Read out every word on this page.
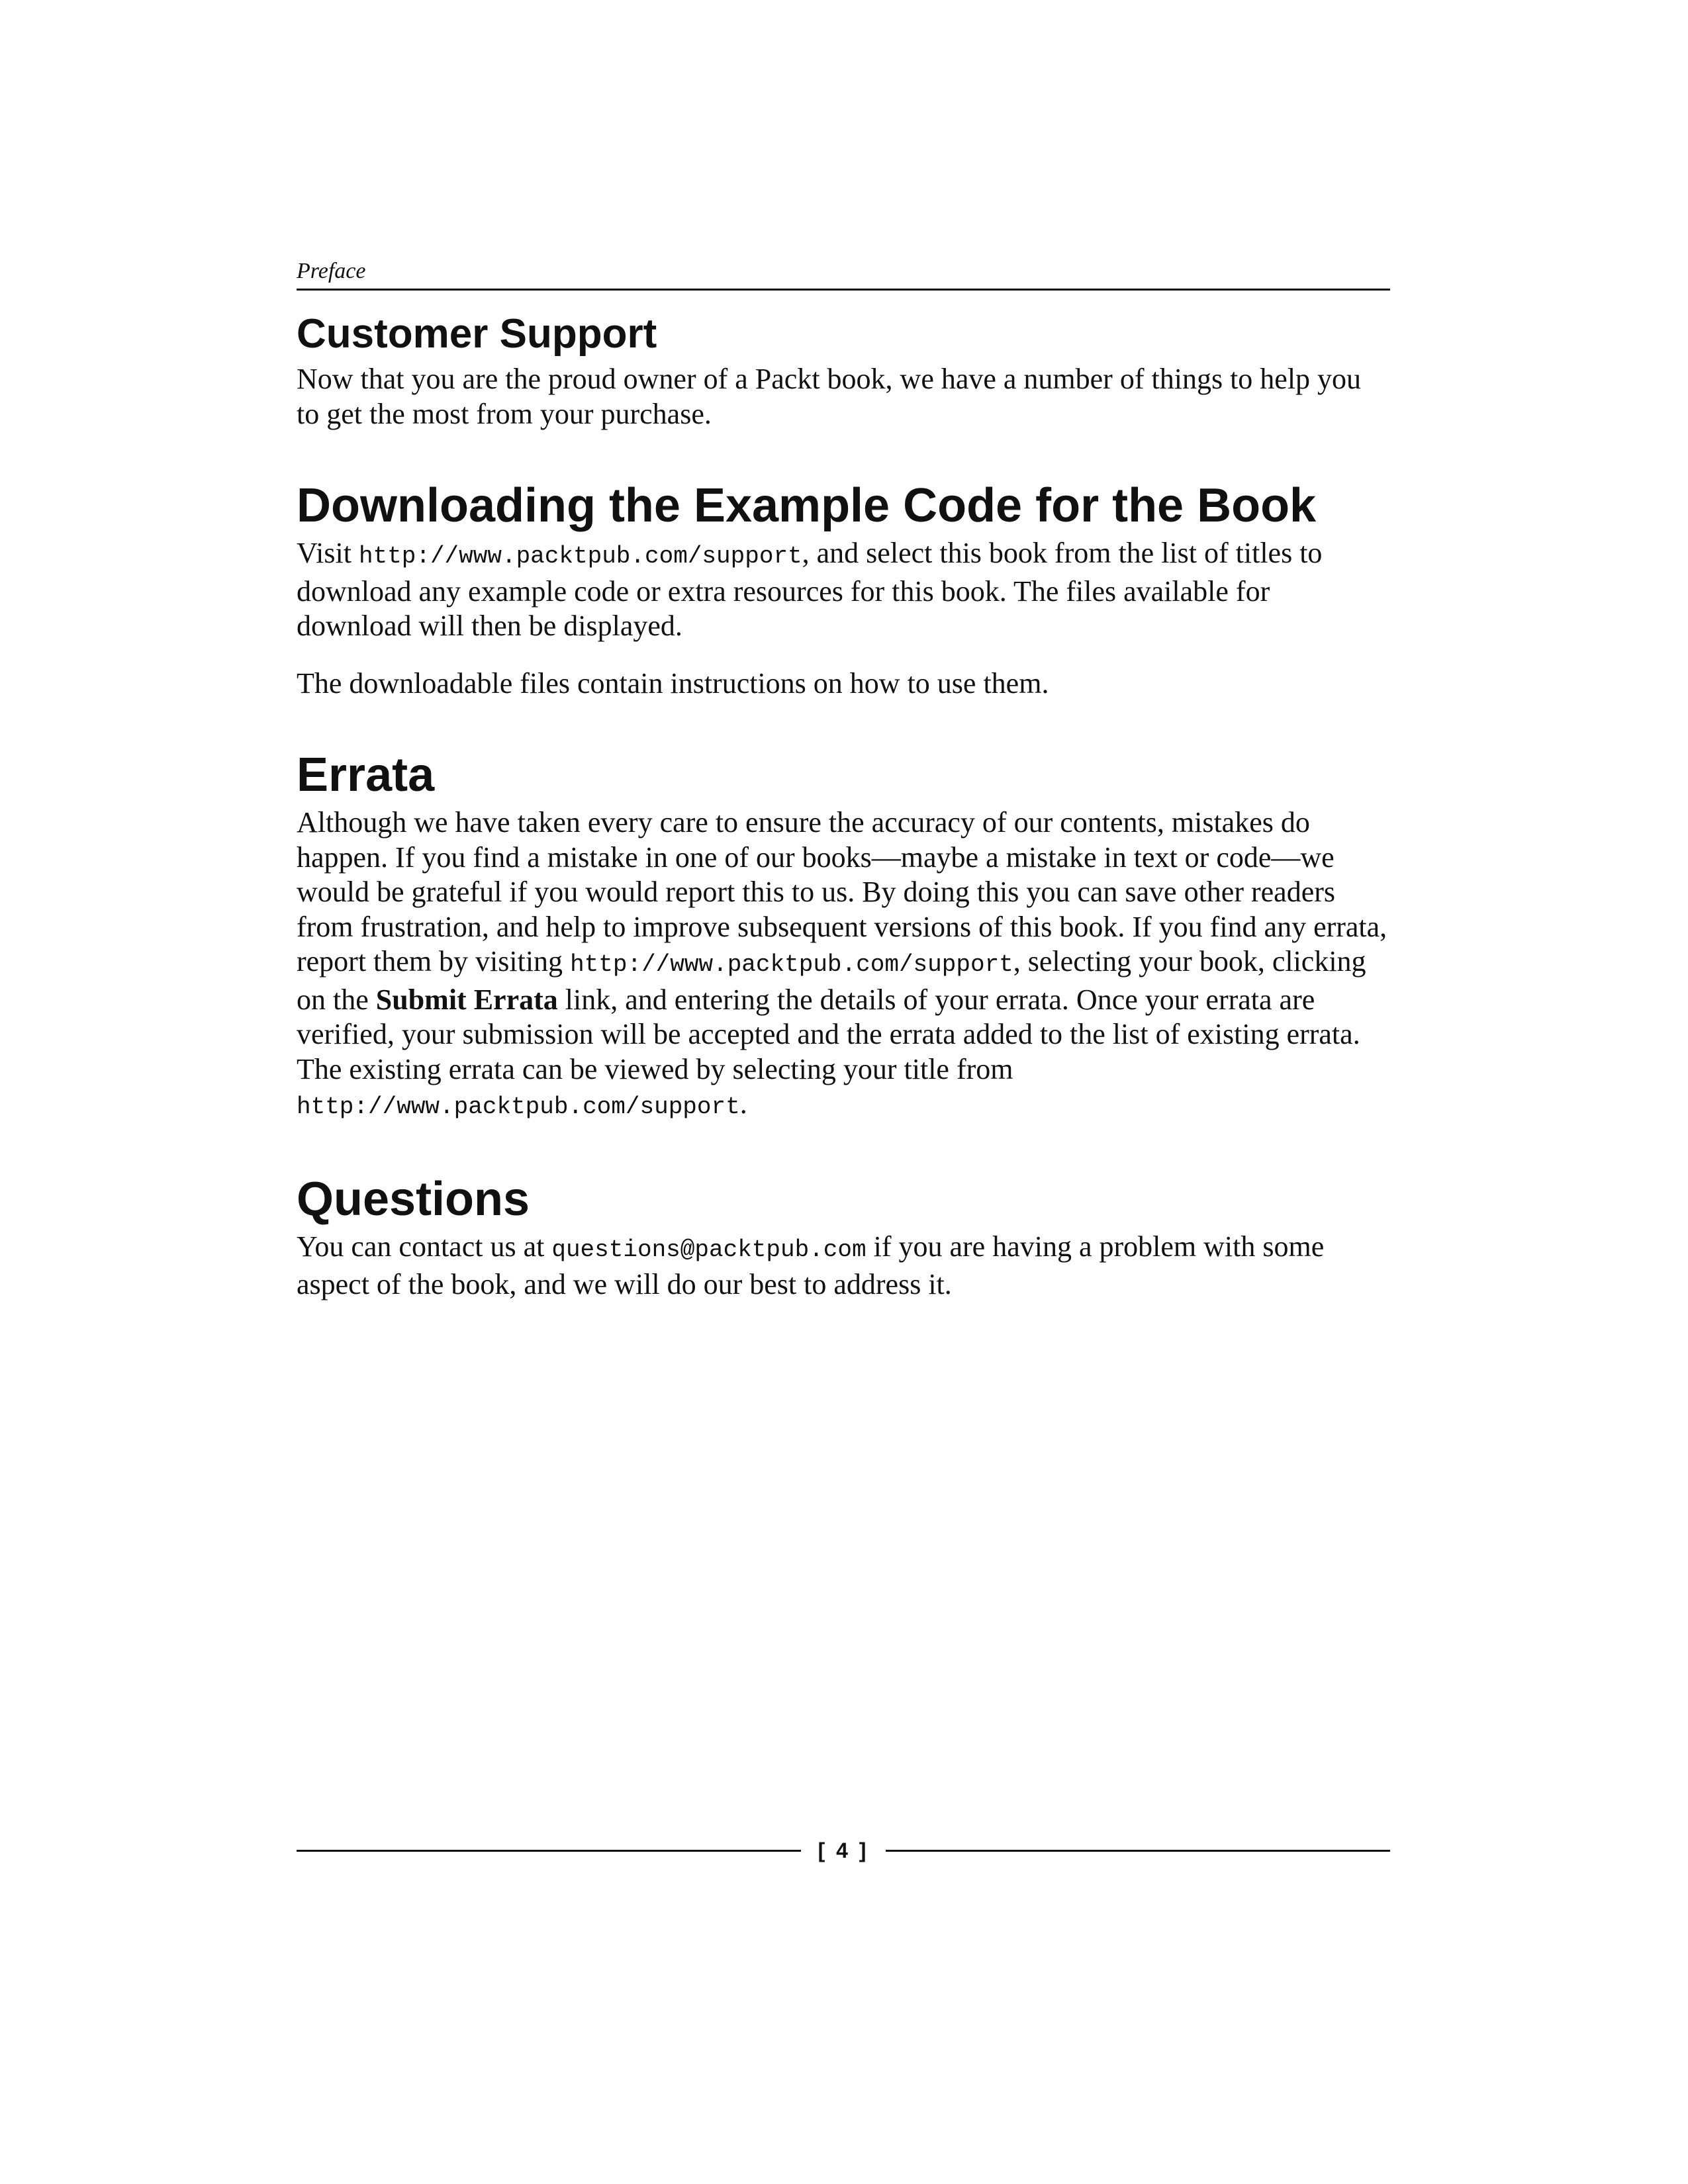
Preface
Customer Support

Now that you are the proud owner of a Packt book, we have a number of things to help you to get the most from your purchase.

Downloading the Example Code for the Book

Visit http://www.packtpub.com/support, and select this book from the list of titles to download any example code or extra resources for this book. The files available for download will then be displayed.

The downloadable files contain instructions on how to use them.

Errata

Although we have taken every care to ensure the accuracy of our contents, mistakes do happen. If you find a mistake in one of our books—maybe a mistake in text or code—we would be grateful if you would report this to us. By doing this you can save other readers from frustration, and help to improve subsequent versions of this book. If you find any errata, report them by visiting http://www.packtpub.com/support, selecting your book, clicking on the Submit Errata link, and entering the details of your errata. Once your errata are verified, your submission will be accepted and the errata added to the list of existing errata. The existing errata can be viewed by selecting your title from http://www.packtpub.com/support.

Questions

You can contact us at questions@packtpub.com if you are having a problem with some aspect of the book, and we will do our best to address it.

[ 4 ]
